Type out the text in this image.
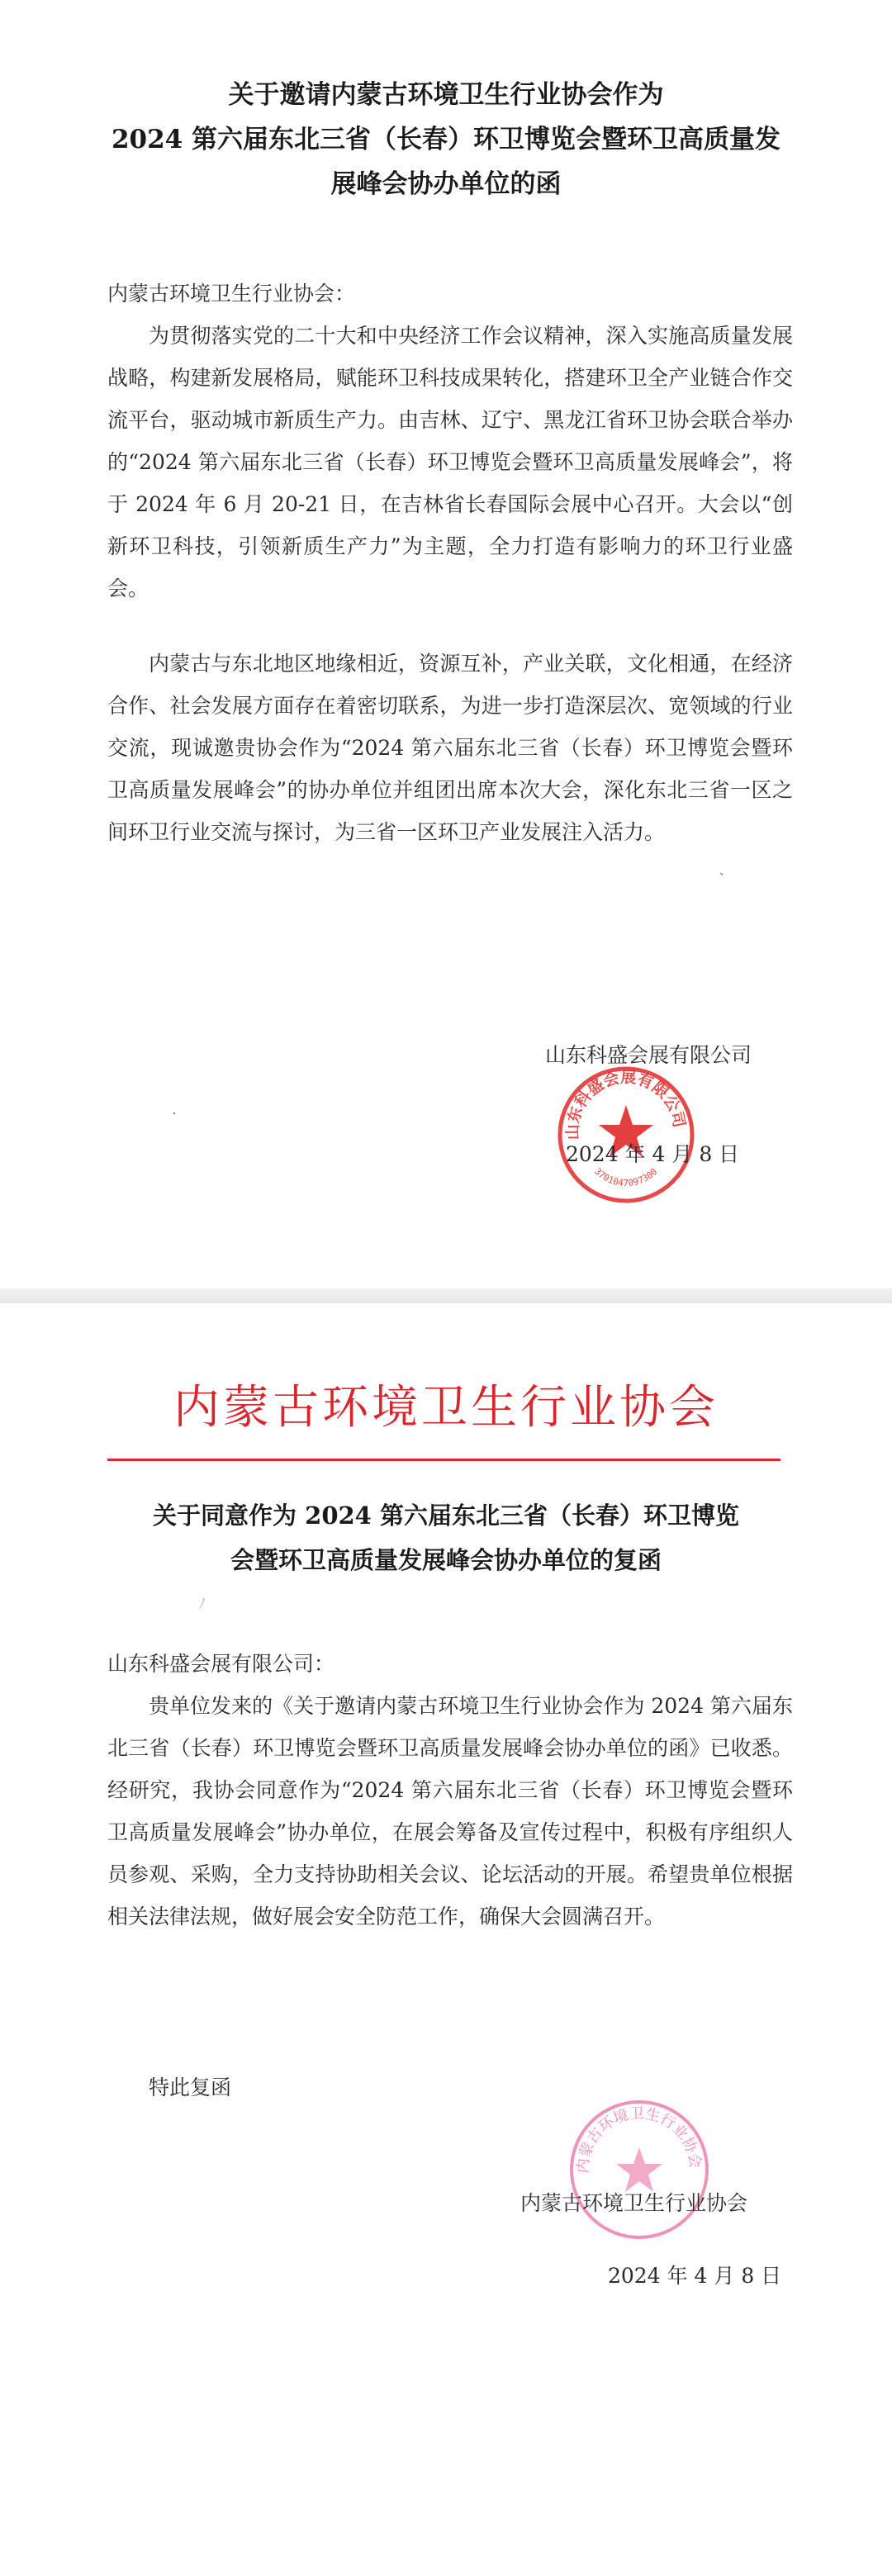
关于邀请内蒙古环境卫生行业协会作为
2024 第六届东北三省（长春）环卫博览会暨环卫高质量发
展峰会协办单位的函
内蒙古环境卫生行业协会：
为贯彻落实党的二十大和中央经济工作会议精神，深入实施高质量发展战略，构建新发展格局，赋能环卫科技成果转化，搭建环卫全产业链合作交流平台，驱动城市新质生产力。由吉林、辽宁、黑龙江省环卫协会联合举办的“2024 第六届东北三省（长春）环卫博览会暨环卫高质量发展峰会”，将于 2024 年 6 月 20-21 日，在吉林省长春国际会展中心召开。大会以“创新环卫科技，引领新质生产力”为主题，全力打造有影响力的环卫行业盛会。
内蒙古与东北地区地缘相近，资源互补，产业关联，文化相通，在经济合作、社会发展方面存在着密切联系，为进一步打造深层次、宽领域的行业交流，现诚邀贵协会作为“2024 第六届东北三省（长春）环卫博览会暨环卫高质量发展峰会”的协办单位并组团出席本次大会，深化东北三省一区之间环卫行业交流与探讨，为三省一区环卫产业发展注入活力。
ˋ
·
山东科盛会展有限公司
山东科盛会展有限公司
3701047097300
2024 年 4 月 8 日
内蒙古环境卫生行业协会
关于同意作为 2024 第六届东北三省（长春）环卫博览
会暨环卫高质量发展峰会协办单位的复函
ﾉ
山东科盛会展有限公司：
贵单位发来的《关于邀请内蒙古环境卫生行业协会作为 2024 第六届东北三省（长春）环卫博览会暨环卫高质量发展峰会协办单位的函》已收悉。经研究，我协会同意作为“2024 第六届东北三省（长春）环卫博览会暨环卫高质量发展峰会”协办单位，在展会筹备及宣传过程中，积极有序组织人员参观、采购，全力支持协助相关会议、论坛活动的开展。希望贵单位根据相关法律法规，做好展会安全防范工作，确保大会圆满召开。
特此复函
内蒙古环境卫生行业协会
内蒙古环境卫生行业协会
2024 年 4 月 8 日
